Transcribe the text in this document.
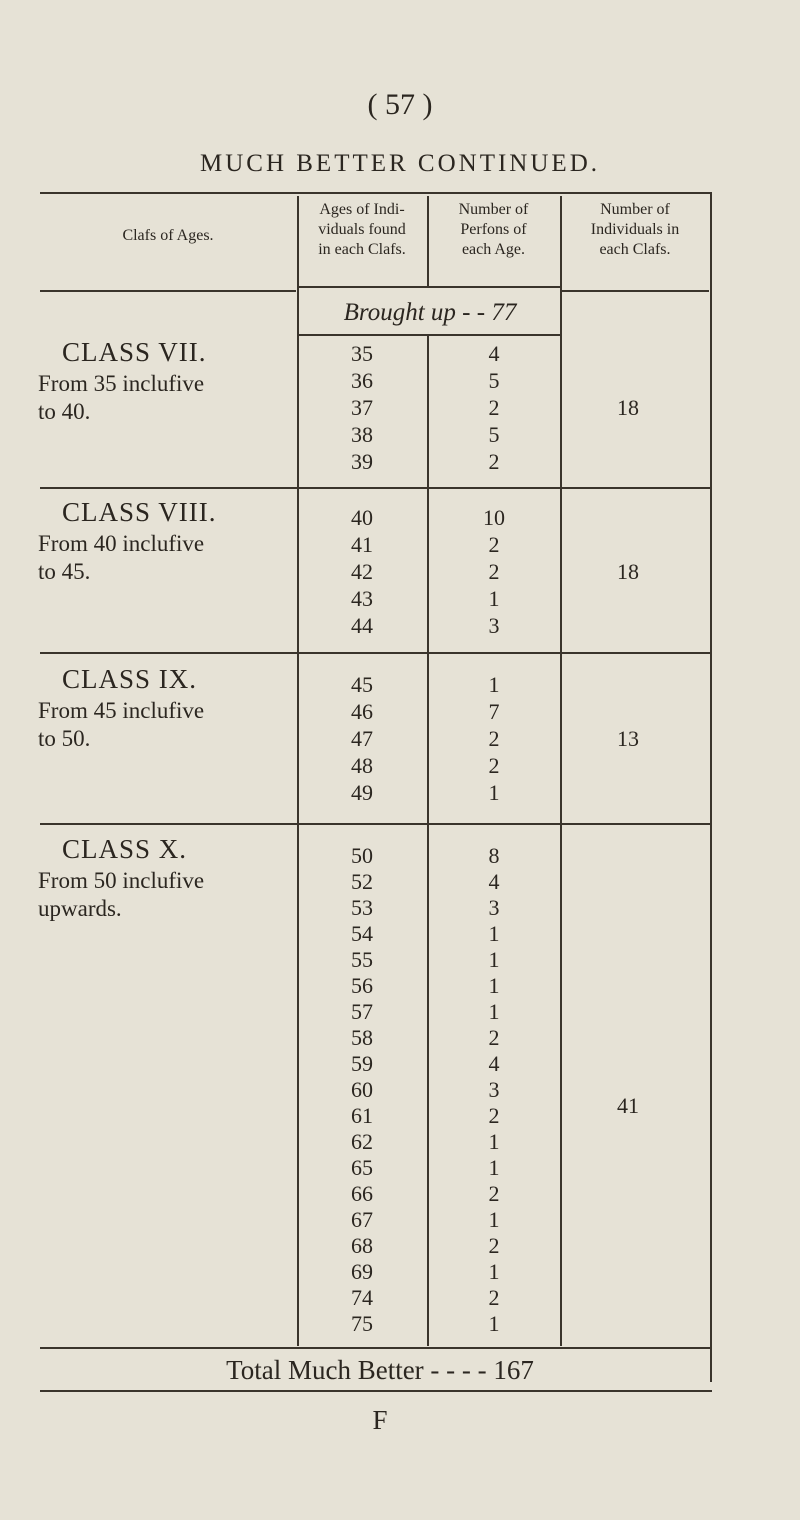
( 57 )
MUCH BETTER CONTINUED.
Clafs of Ages.
Ages of Indi-
viduals found
in each Clafs.
Number of
Perfons of
each Age.
Number of
Individuals in
each Clafs.
Brought up - - 77
CLASS VII.
From 35 inclufive
to 40.
35	4
36	5
37	2
38	5
39	2
18
CLASS VIII.
From 40 inclufive
to 45.
40	10
41	2
42	2
43	1
44	3
18
CLASS IX.
From 45 inclufive
to 50.
45	1
46	7
47	2
48	2
49	1
13
CLASS X.
From 50 inclufive
upwards.
50	8
52	4
53	3
54	1
55	1
56	1
57	1
58	2
59	4
60	3
61	2
62	1
65	1
66	2
67	1
68	2
69	1
74	2
75	1
41
Total Much Better - - - - 167
F
